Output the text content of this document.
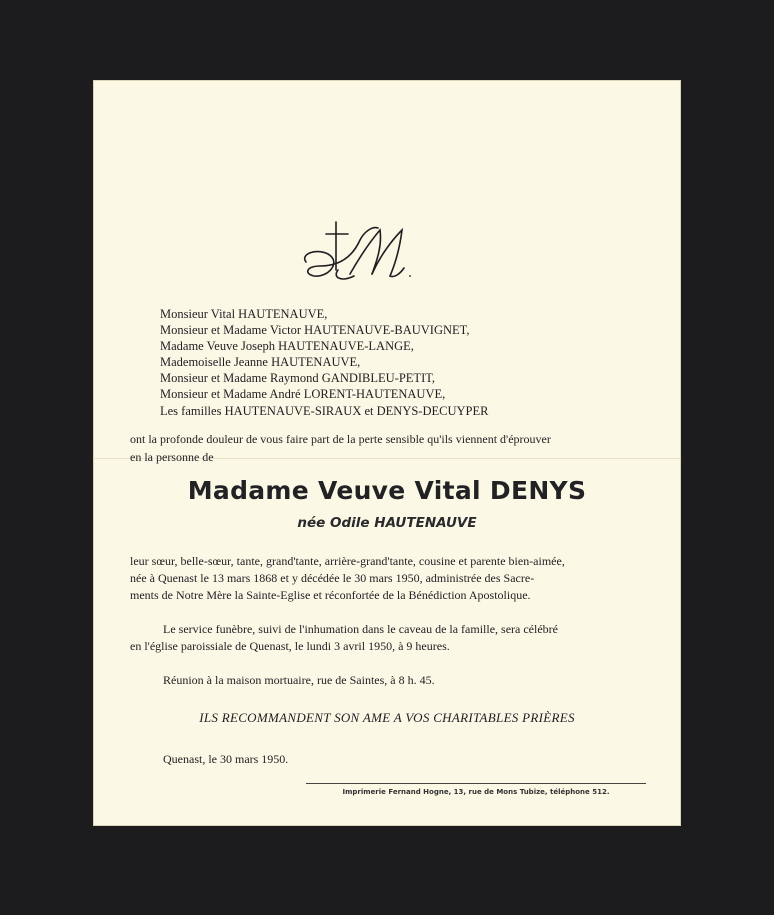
Monsieur Vital HAUTENAUVE,
Monsieur et Madame Victor HAUTENAUVE-BAUVIGNET,
Madame Veuve Joseph HAUTENAUVE-LANGE,
Mademoiselle Jeanne HAUTENAUVE,
Monsieur et Madame Raymond GANDIBLEU-PETIT,
Monsieur et Madame André LORENT-HAUTENAUVE,
Les familles HAUTENAUVE-SIRAUX et DENYS-DECUYPER
ont la profonde douleur de vous faire part de la perte sensible qu'ils viennent d'éprouver
en la personne de
Madame Veuve Vital DENYS
née Odile HAUTENAUVE
leur sœur, belle-sœur, tante, grand'tante, arrière-grand'tante, cousine et parente bien-aimée,
née à Quenast le 13 mars 1868 et y décédée le 30 mars 1950, administrée des Sacre-
ments de Notre Mère la Sainte-Eglise et réconfortée de la Bénédiction Apostolique.
Le service funèbre, suivi de l'inhumation dans le caveau de la famille, sera célébré
en l'église paroissiale de Quenast, le lundi 3 avril 1950, à 9 heures.
Réunion à la maison mortuaire, rue de Saintes, à 8 h. 45.
ILS RECOMMANDENT SON AME A VOS CHARITABLES PRIÈRES
Quenast, le 30 mars 1950.
Imprimerie Fernand Hogne, 13, rue de Mons Tubize, téléphone 512.
